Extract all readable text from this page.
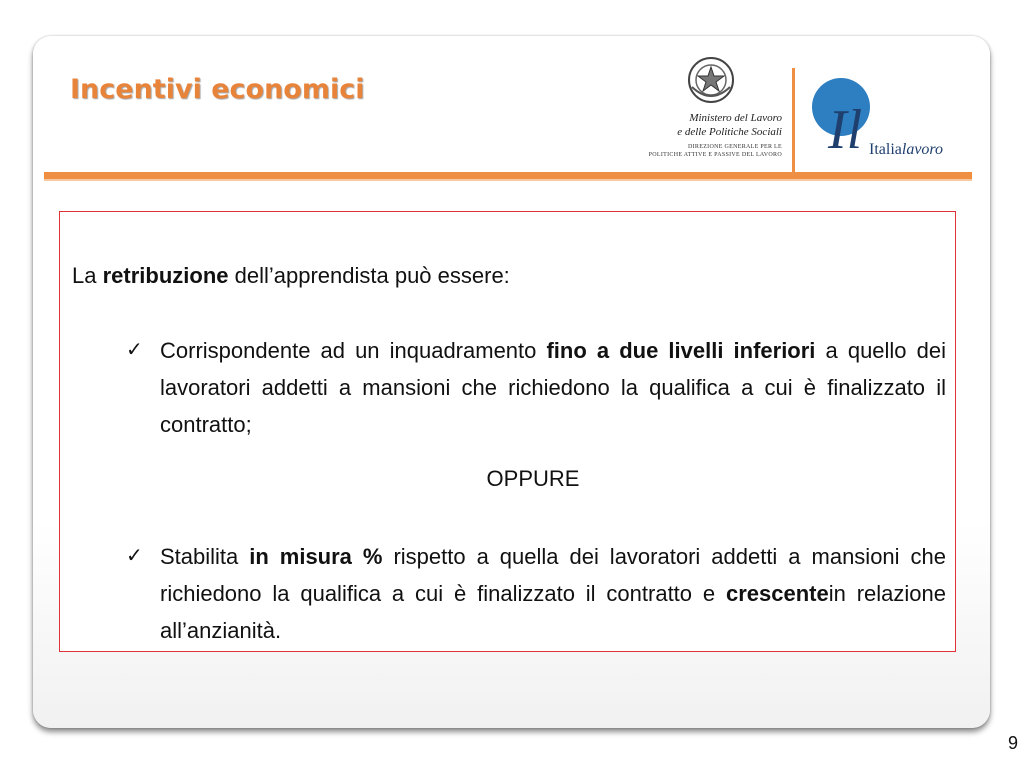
Incentivi economici
Ministero del Lavoro
e delle Politiche Sociali
DIREZIONE GENERALE PER LE
POLITICHE ATTIVE E PASSIVE DEL LAVORO Il Italialavoro

La retribuzione dell’apprendista può essere:

✓ Corrispondente ad un inquadramento fino a due livelli inferiori a quello dei lavoratori addetti a mansioni che richiedono la qualifica a cui è finalizzato il contratto;

OPPURE

✓ Stabilita in misura % rispetto a quella dei lavoratori addetti a mansioni che richiedono la qualifica a cui è finalizzato il contratto e crescentein relazione all’anzianità.

9
